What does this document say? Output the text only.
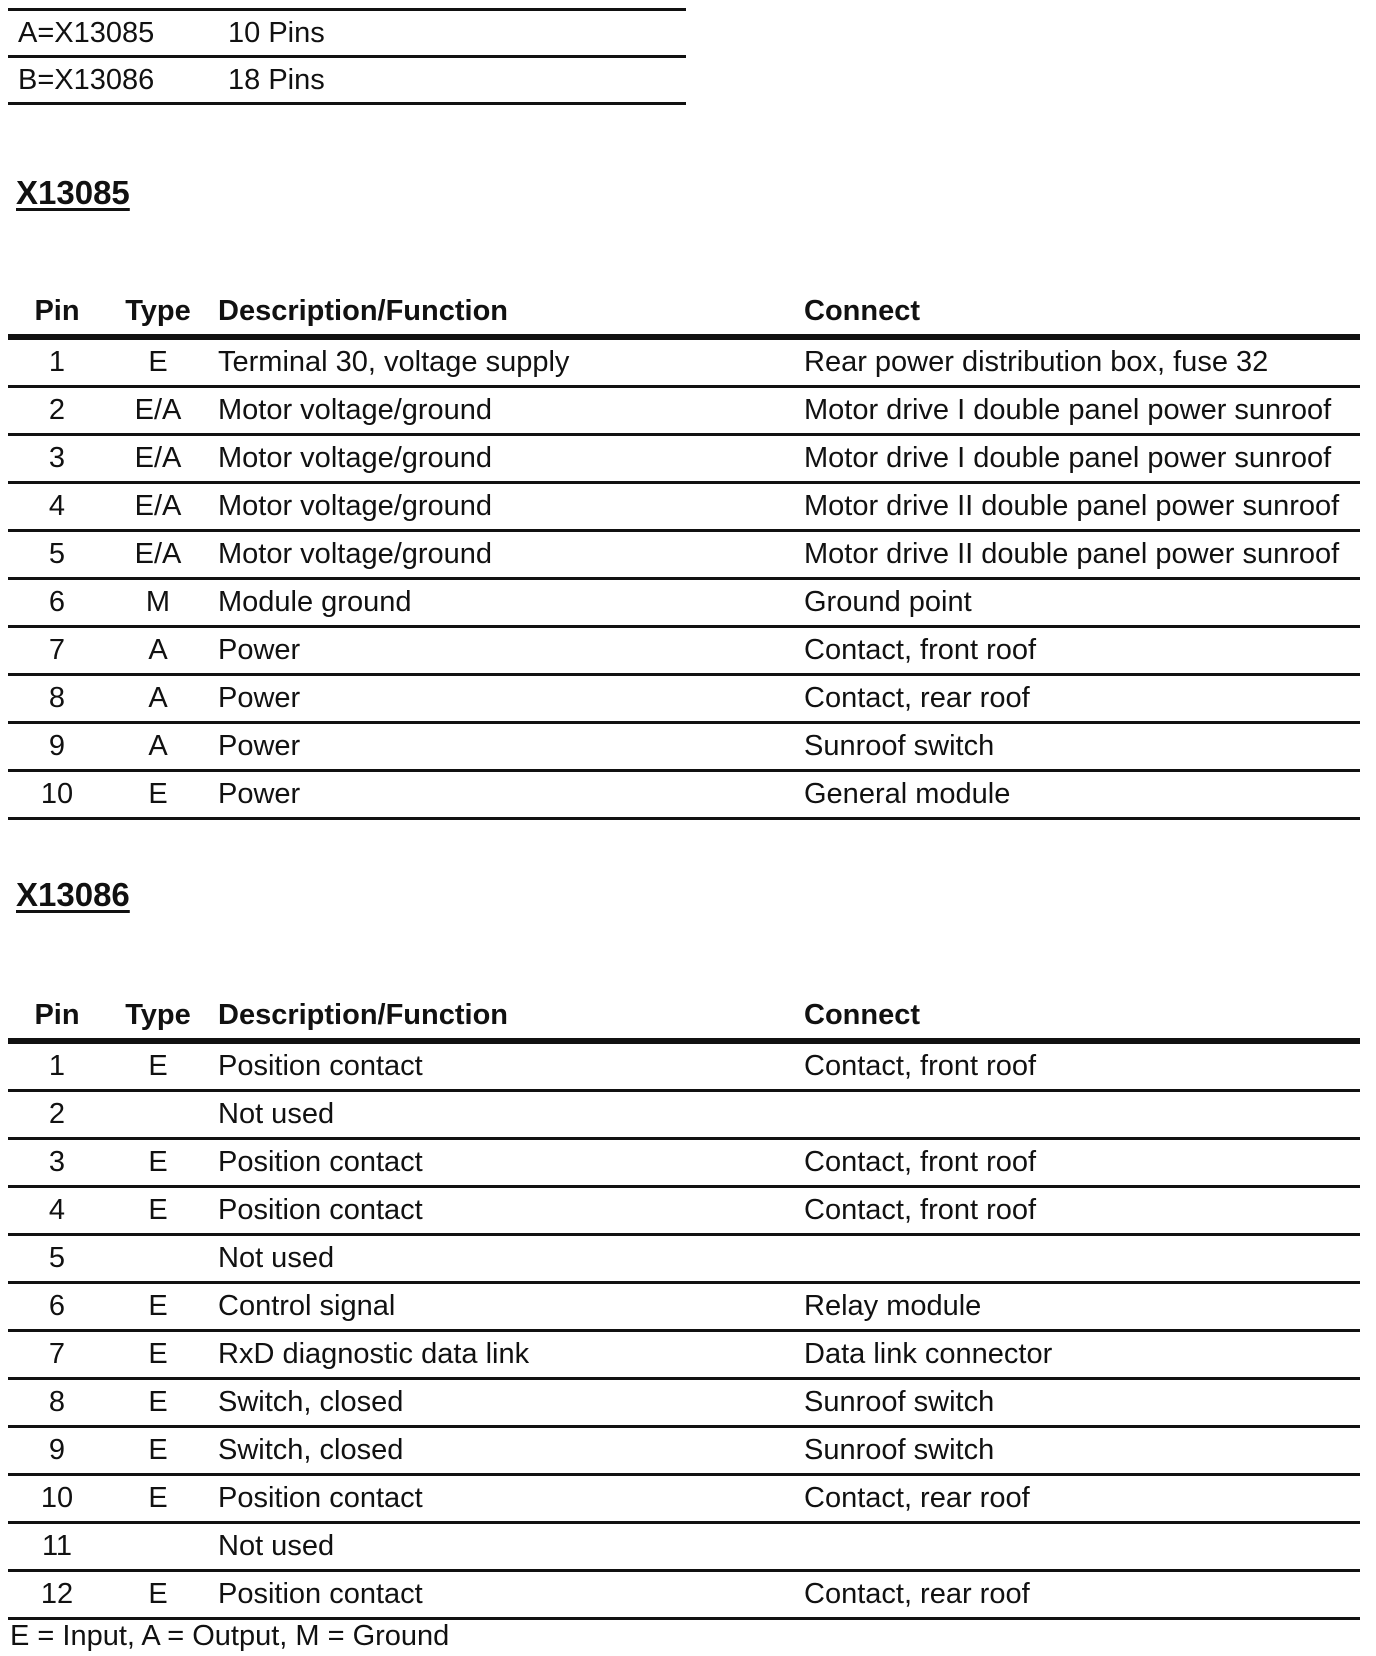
A=X13085	10 Pins
B=X13086	18 Pins
X13085
Pin	Type	Description/Function	Connect
1	E	Terminal 30, voltage supply	Rear power distribution box, fuse 32
2	E/A	Motor voltage/ground	Motor drive I double panel power sunroof
3	E/A	Motor voltage/ground	Motor drive I double panel power sunroof
4	E/A	Motor voltage/ground	Motor drive II double panel power sunroof
5	E/A	Motor voltage/ground	Motor drive II double panel power sunroof
6	M	Module ground	Ground point
7	A	Power	Contact, front roof
8	A	Power	Contact, rear roof
9	A	Power	Sunroof switch
10	E	Power	General module
X13086
Pin	Type	Description/Function	Connect
1	E	Position contact	Contact, front roof
2		Not used	
3	E	Position contact	Contact, front roof
4	E	Position contact	Contact, front roof
5		Not used	
6	E	Control signal	Relay module
7	E	RxD diagnostic data link	Data link connector
8	E	Switch, closed	Sunroof switch
9	E	Switch, closed	Sunroof switch
10	E	Position contact	Contact, rear roof
11		Not used	
12	E	Position contact	Contact, rear roof

E = Input, A = Output, M = Ground
